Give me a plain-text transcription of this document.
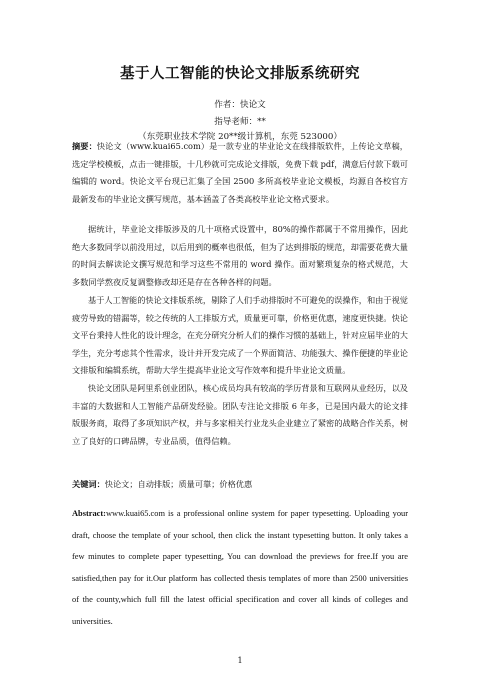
基于人工智能的快论文排版系统研究
作者：快论文
指导老师：**
（东莞职业技术学院 20**级计算机，东莞 523000）

摘要：快论文（www.kuai65.com）是一款专业的毕业论文在线排版软件，上传论文草稿，选定学校模板，点击一键排版，十几秒就可完成论文排版，免费下载 pdf，满意后付款下载可编辑的 word。快论文平台现已汇集了全国 2500 多所高校毕业论文模板，均源自各校官方最新发布的毕业论文撰写规范，基本涵盖了各类高校毕业论文格式要求。

据统计，毕业论文排版涉及的几十项格式设置中，80%的操作都属于不常用操作，因此绝大多数同学以前没用过，以后用到的概率也很低，但为了达到排版的规范，却需要花费大量的时间去解读论文撰写规范和学习这些不常用的 word 操作。面对繁琐复杂的格式规范，大多数同学熬夜反复调整修改却还是存在各种各样的问题。

基于人工智能的快论文排版系统，剔除了人们手动排版时不可避免的误操作，和由于视觉疲劳导致的错漏等，较之传统的人工排版方式，质量更可靠，价格更优惠，速度更快捷。快论文平台秉持人性化的设计理念，在充分研究分析人们的操作习惯的基础上，针对应届毕业的大学生，充分考虑其个性需求，设计并开发完成了一个界面简洁、功能强大、操作便捷的毕业论文排版和编辑系统，帮助大学生提高毕业论文写作效率和提升毕业论文质量。

快论文团队是阿里系创业团队，核心成员均具有较高的学历背景和互联网从业经历，以及丰富的大数据和人工智能产品研发经验。团队专注论文排版 6 年多，已是国内最大的论文排版服务商，取得了多项知识产权，并与多家相关行业龙头企业建立了紧密的战略合作关系，树立了良好的口碑品牌，专业品质，值得信赖。

关键词：快论文；自动排版；质量可靠；价格优惠

Abstract:www.kuai65.com is a professional online system for paper typesetting. Uploading your draft, choose the template of your school, then click the instant typesetting button. It only takes a few minutes to complete paper typesetting, You can download the previews for free.If you are satisfied,then pay for it.Our platform has collected thesis templates of more than 2500 universities of the county,which full fill the latest official specification and cover all kinds of colleges and universities.

1
